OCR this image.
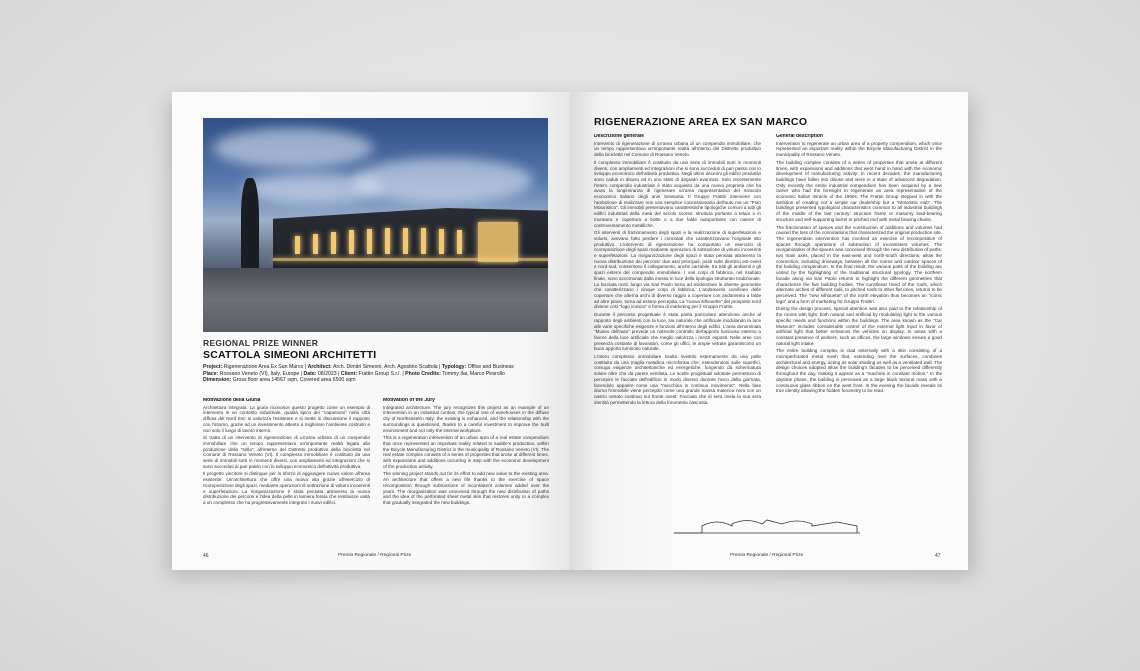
REGIONAL PRIZE WINNER
SCATTOLA SIMEONI ARCHITETTI
Project: Rigenerazione Area Ex San Marco | Architect: Arch. Dimitri Simeoni, Arch. Agostino Scattola | Typology: Office and Business
Place: Rossano Veneto (VI), Italy, Europe | Date: 08/2023 | Client: Frattin Group S.r.l. | Photo Credits: Tommy Ilai, Marco Pirarollo
Dimension: Gross floor area 14567 sqm, Covered area 6500 sqm
Motivazione della Giuria

Architettura integrata. La giuria riconosce questo progetto come un esempio di intervento in un contesto industriale, qualità tipico dei "capannoni" nella città diffusa del Nord Est: si valorizza l'esistente e si mette in discussione il rapporto con l'intorno, grazie ad un investimento attento a migliorare l'ambiente costruito e non solo il luogo di lavoro interno.

Si tratta di un intervento di rigenerazione di un'area urbana di un compendio immobiliare che un tempo rappresentava un'importante realtà legata alla produzione della "sella", all'interno del Distretto produttivo della bicicletta nel Comune di Rossano Veneto (VI). Il complesso immobiliare è costituito da una serie di immobili sorti in momenti diversi, con ampliamenti ed integrazioni che si sono succeduti di pari passo con lo sviluppo economico dell'attività produttiva.

Il progetto vincitore si distingue per lo sforzo di aggiungere nuovo valore all'area esistente. Un'architettura che offre una nuova vita grazie all'esercizio di ricomposizione degli spazi, mediante operazioni di sottrazione di volumi incoerenti e superfetazioni. La riorganizzazione è stata pensata attraverso la nuova distribuzione dei percorsi e l'idea della pelle in lamiera forata che restituisce unità a un complesso che ha progressivamente integrato i nuovi edifici.

Motivation of the Jury

Integrated architecture. The jury recognizes this project as an example of an intervention in an industrial context, the typical one of warehouses in the diffuse city of Northeastern Italy: the existing is enhanced, and the relationship with the surroundings is questioned, thanks to a careful investment to improve the built environment and not only the internal workplace.

This is a regeneration intervention of an urban area of a real estate compendium that once represented an important reality related to saddle's production, within the Bicycle Manufacturing District in the municipality of Rossano Veneto (VI). The real estate complex consists of a series of properties that arose at different times, with expansions and additions occurring in step with the economic development of the production activity.

The winning project stands out for its effort to add new value to the existing area. An architecture that offers a new life thanks to the exercise of space recomposition through subtractions of inconsistent volumes added over the years. The reorganization was conceived through the new distribution of paths and the idea of the perforated sheet metal skin that restores unity to a complex that gradually integrated the new buildings.

46	Premio Regionale / Regional Prize
RIGENERAZIONE AREA EX SAN MARCO
Descrizione generale

Intervento di rigenerazione di un'area urbana di un compendio immobiliare, che un tempo rappresentava un'importante realtà all'interno del Distretto produttivo della bicicletta nel Comune di Rossano Veneto.

Il complesso immobiliare è costituito da una serie di immobili sorti in momenti diversi, con ampliamenti ed integrazioni che si sono succeduti di pari passo con lo sviluppo economico dell'attività produttiva. Negli ultimi decenni gli edifici produttivi sono caduti in disuso ed in uno stato di degrado avanzato. Solo recentemente l'intero compendio industriale è stato acquisito da una nuova proprietà che ha avuto la lungimiranza di rigenerare un'area rappresentativa del miracolo economico italiano degli anni Sessanta. Il Gruppo Frattin interviene con l'ambizione di realizzare non una semplice concessionaria dell'auto ma un "Polo Motoristico". Gli immobili presentavano caratteristiche tipologiche comuni a tutti gli edifici industriali della metà del secolo scorso: struttura portante a telaio o in muratura e copertura a botte o a due falde autoportante con catene di controventamento metalliche.

Gli interventi di frazionamento degli spazi e la realizzazione di superfetazioni e volumi, avevano fatto perdere i connotati che caratterizzavano l'originale sito produttivo. L'intervento di rigenerazione ha comportato un esercizio di ricomposizione degli spazi mediante operazioni di sottrazione di volumi incoerenti e superfetazioni. La riorganizzazione degli spazi è stata pensata attraverso la nuova distribuzione dei percorsi: due assi principali, posti sulle direttrici est-ovest e nord-sud, consentono il collegamento, anche carrabile, tra tutti gli ambienti e gli spazi esterni del compendio immobiliare. I vari corpi di fabbrica, nel risultato finale, sono accomunati dalla messa in luce della tipologia strutturale tradizionale. La facciata nord, lungo via San Paolo torna ad evidenziare le diverse geometrie che caratterizzano i cinque corpi di fabbrica. L'andamento curvilineo delle coperture che alterna archi di diverso raggio a coperture con andamento a falde ad altre piane, torna ad essere percepita. La "nuova silhouette" del prospetto nord diviene così "logo iconico" e forma di marketing per il Gruppo Frattin.

Durante il percorso progettuale è stata posta particolare attenzione anche al rapporto degli ambienti con la luce, sia naturale che artificiale modulando la luce alle varie specifiche esigenze e funzioni all'interno degli edifici. L'area denominata "Museo dell'auto" prevede un notevole controllo dell'apporto luminoso esterno a favore della luce artificiale che meglio valorizza i mezzi esposti. Nelle aree con presenza costante di lavoratori, come gli uffici, le ampie vetrate garantiscono un buon apporto luminoso naturale.

L'intero complesso immobiliare risulta rivestito esternamente da una pelle costituita da una maglia metallica microforata che, estendendosi sulle superfici, coniuga esigenze architettoniche ed energetiche, fungendo da schermatura solare oltre che da parete ventilata. Le scelte progettuali adottate permettono di percepire le facciate dell'edificio in modo diverso durante l'arco della giornata, facendolo apparire come una "macchina in continuo movimento". Nella fase diurna l'immobile viene percepito come una grande massa materica nera con un nastro vetrato continuo sul fronte ovest. Facciata che di sera rivela la sua vera identità permettendo la lettura della forometria nascosta.

General description

Intervention to regenerate an urban area of a property compendium, which once represented an important reality within the Bicycle Manufacturing District in the municipality of Rossano Veneto.

The building complex consists of a series of properties that arose at different times, with expansions and additions that went hand in hand with the economic development of manufacturing activity. In recent decades, the manufacturing buildings have fallen into disuse and were in a state of advanced degradation. Only recently the entire industrial compendium has been acquired by a new owner who had the foresight to regenerate an area representative of the economic Italian miracle of the 1960s. The Frattin Group stepped in with the ambition of creating not a simple car dealership but a "Motoristic Hub". The buildings presented typological characteristics common to all industrial buildings of the middle of the last century: structure frame or masonry load-bearing structure and self-supporting barrel or pitched roof with metal bracing chains.

The fractionation of spaces and the construction of additions and volumes had caused the loss of the connotations that characterized the original production site. The regeneration intervention has involved an exercise of recomposition of spaces through operations of subtraction of inconsistent volumes. The reorganization of the spaces was conceived through the new distribution of paths: two main axes, placed in the east-west and north-south directions, allow the connection, including driveways, between all the rooms and outdoor spaces of the building compendium. In the final result, the various parts of the building are united by the highlighting of the traditional structural typology. The northern facade along via San Paolo returns to highlight the different geometries that characterize the five building bodies. The curvilinear trend of the roofs, which alternate arches of different radii, to pitched roofs to other flat ones, returns to be perceived. The "new silhouette" of the north elevation thus becomes an "iconic logo" and a form of marketing for Gruppo Frattin.

During the design process, special attention was also paid to the relationship of the rooms with light, both natural and artificial by modulating light to the various specific needs and functions within the buildings. The area known as the "Car Museum" includes considerable control of the external light input in favor of artificial light that better enhances the vehicles on display. In areas with a constant presence of workers, such as offices, the large windows ensure a good natural light intake.

The entire building complex is clad externally with a skin consisting of a microperforated metal mesh that, extending over the surfaces, combines architectural and energy, acting as solar shading as well as a ventilated wall. The design choices adopted allow the building's facades to be perceived differently throughout the day, making it appear as a "machine in constant motion." In the daytime phase, the building is perceived as a large black textural mass with a continuous glass ribbon on the west front. In the evening the facade reveals its true identity allowing the hidden forometry to be read.

Premio Regionale / Regional Prize	47
